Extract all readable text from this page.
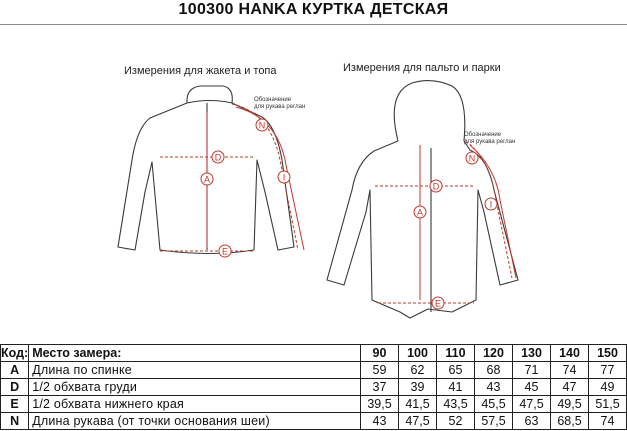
100300 HANKA КУРТКА ДЕТСКАЯ
Измерения для жакета и топа	Измерения для пальто и парки
Обозначение
для рукава реглан
Обозначение
для рукава реглан
N
D
A	I
E
N
D
A
I
E
Код:	Место замера:	90	100	110	120	130	140	150
A	Длина по спинке	59	62	65	68	71	74	77
D	1/2 обхвата груди	37	39	41	43	45	47	49
E	1/2 обхвата нижнего края	39,5	41,5	43,5	45,5	47,5	49,5	51,5
N	Длина рукава (от точки основания шеи)	43	47,5	52	57,5	63	68,5	74
